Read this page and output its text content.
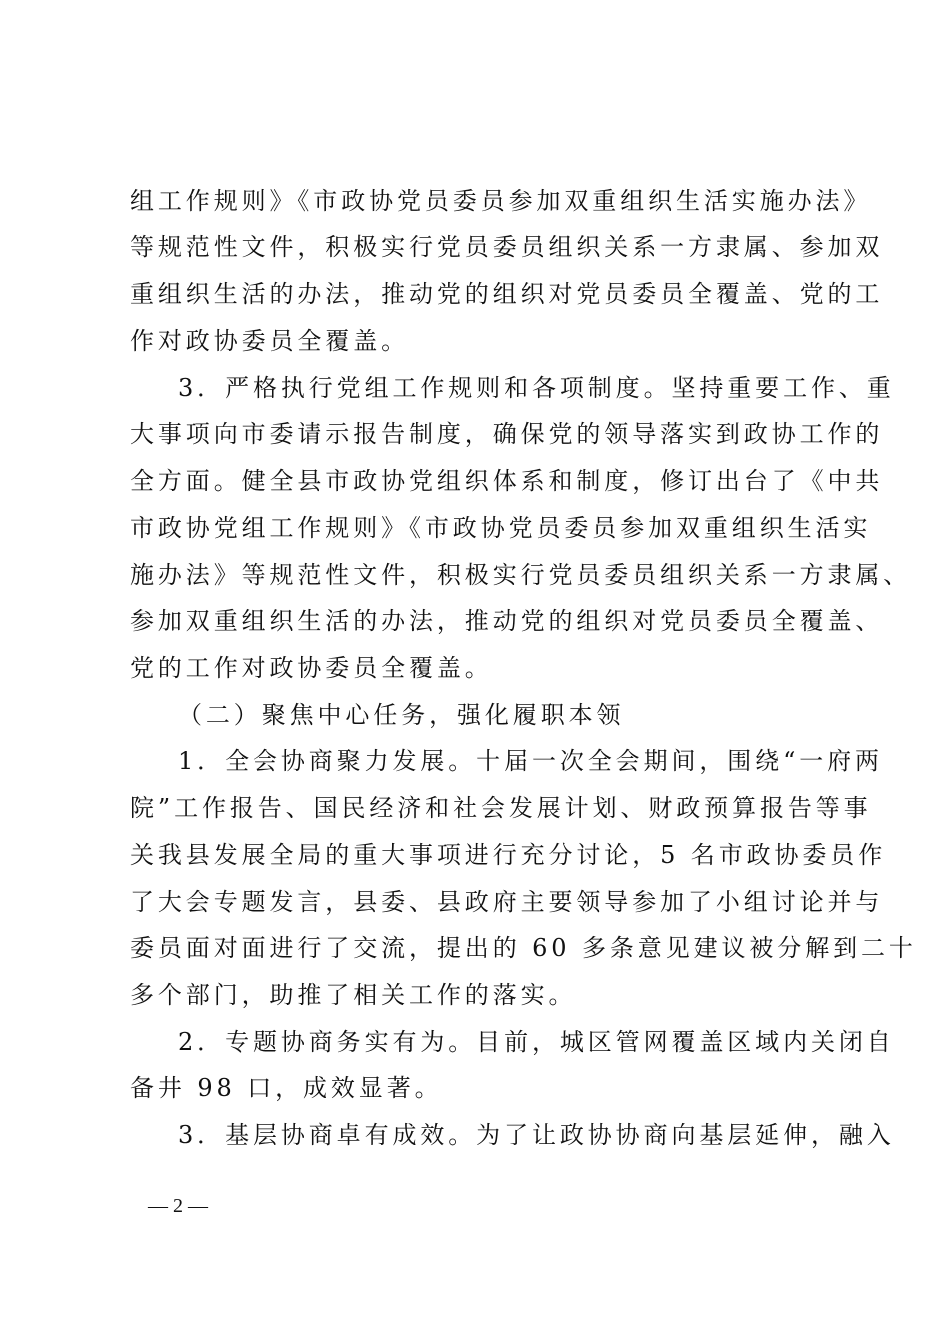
组工作规则》《市政协党员委员参加双重组织生活实施办法》
等规范性文件，积极实行党员委员组织关系一方隶属、参加双
重组织生活的办法，推动党的组织对党员委员全覆盖、党的工
作对政协委员全覆盖。
3．严格执行党组工作规则和各项制度。坚持重要工作、重
大事项向市委请示报告制度，确保党的领导落实到政协工作的
全方面。健全县市政协党组织体系和制度，修订出台了《中共
市政协党组工作规则》《市政协党员委员参加双重组织生活实
施办法》等规范性文件，积极实行党员委员组织关系一方隶属、
参加双重组织生活的办法，推动党的组织对党员委员全覆盖、
党的工作对政协委员全覆盖。
（二）聚焦中心任务，强化履职本领
1．全会协商聚力发展。十届一次全会期间，围绕“一府两
院”工作报告、国民经济和社会发展计划、财政预算报告等事
关我县发展全局的重大事项进行充分讨论，5 名市政协委员作
了大会专题发言，县委、县政府主要领导参加了小组讨论并与
委员面对面进行了交流，提出的 60 多条意见建议被分解到二十
多个部门，助推了相关工作的落实。
2．专题协商务实有为。目前，城区管网覆盖区域内关闭自
备井 98 口，成效显著。
3．基层协商卓有成效。为了让政协协商向基层延伸，融入
— 2 —
